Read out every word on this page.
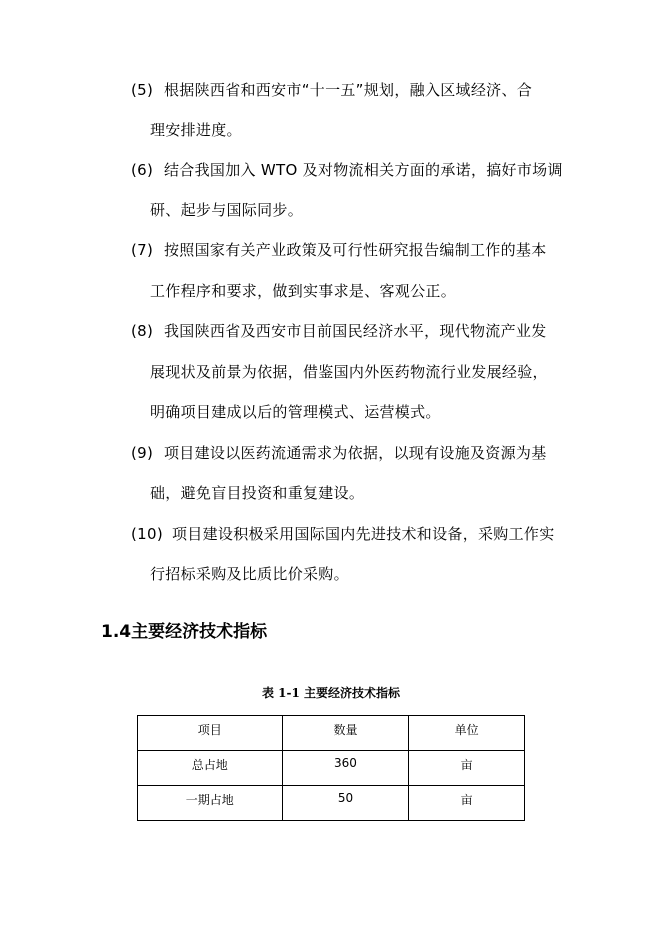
(5) 根据陕西省和西安市“十一五”规划，融入区域经济、合
理安排进度。
(6) 结合我国加入 WTO 及对物流相关方面的承诺，搞好市场调
研、起步与国际同步。
(7) 按照国家有关产业政策及可行性研究报告编制工作的基本
工作程序和要求，做到实事求是、客观公正。
(8) 我国陕西省及西安市目前国民经济水平，现代物流产业发
展现状及前景为依据，借鉴国内外医药物流行业发展经验，
明确项目建成以后的管理模式、运营模式。
(9) 项目建设以医药流通需求为依据，以现有设施及资源为基
础，避免盲目投资和重复建设。
(10) 项目建设积极采用国际国内先进技术和设备，采购工作实
行招标采购及比质比价采购。
1.4主要经济技术指标
表 1-1 主要经济技术指标
项目	数量	单位

总占地	360	亩

一期占地	50	亩
